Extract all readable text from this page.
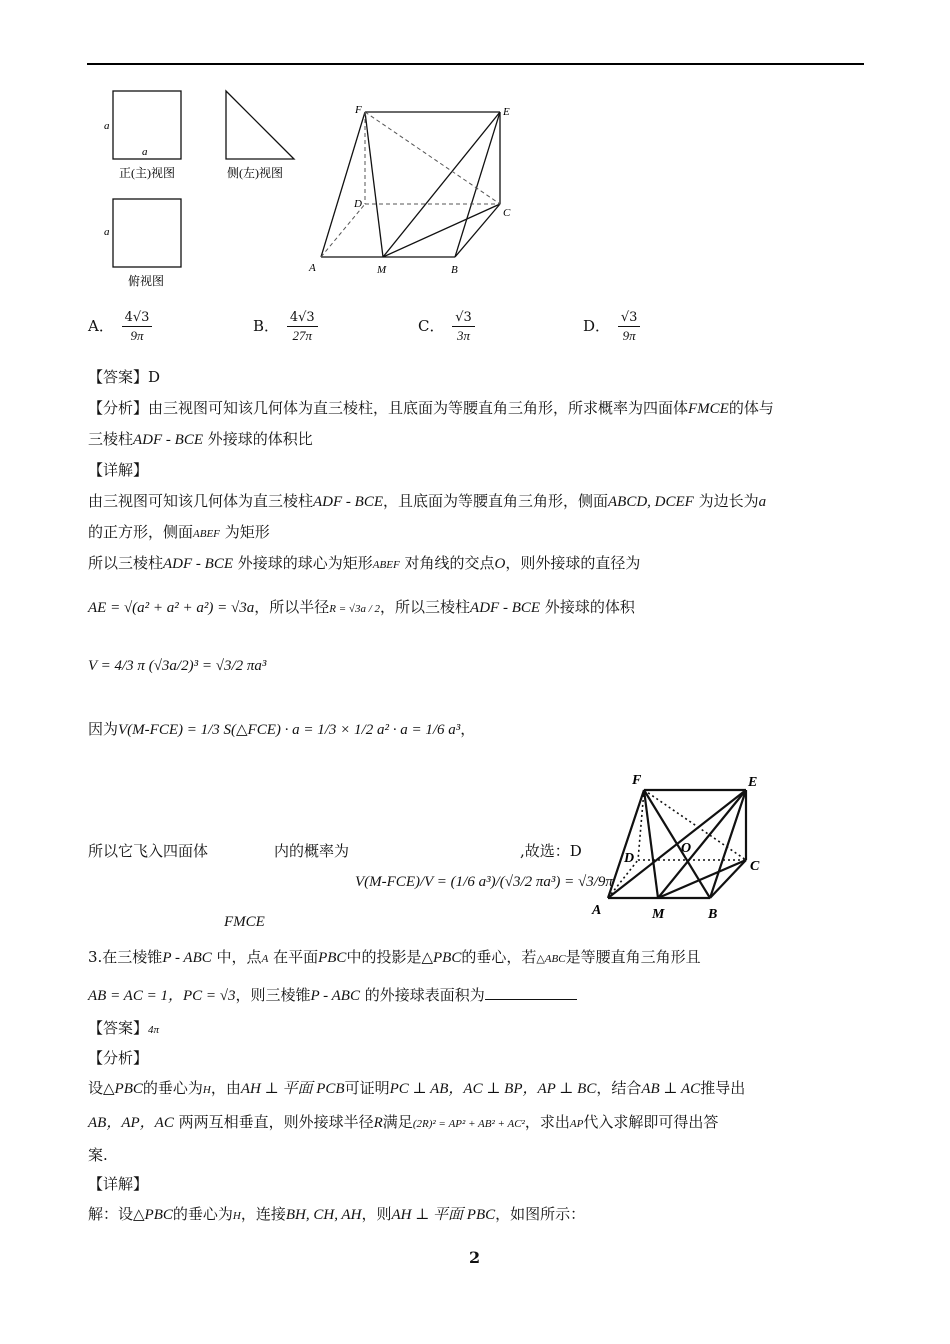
a
a
正(主)视图	侧(左)视图
a
俯视图
F	E
D
C
A	M	B
A． $\frac{4√3}{9\pi}$	B． $\frac{4√3}{27\pi}$	C． $\frac{√3}{3\pi}$	D． $\frac{√3}{9\pi}$
【答案】D
【分析】由三视图可知该几何体为直三棱柱，且底面为等腰直角三角形，所求概率为四面体FMCE的体与
三棱柱ADF - BCE 外接球的体积比
【详解】
由三视图可知该几何体为直三棱柱ADF - BCE，且底面为等腰直角三角形，侧面ABCD, DCEF 为边长为a
的正方形，侧面ABEF 为矩形
所以三棱柱ADF - BCE 外接球的球心为矩形ABEF 对角线的交点O，则外接球的直径为
AE = √(a² + a² + a²) = √3a，所以半径R = √3a / 2，所以三棱柱ADF - BCE 外接球的体积
V = 4/3 π (√3a/2)³ = √3/2 πa³
因为V(M-FCE) = 1/3 S(△FCE) · a = 1/3 × 1/2 a² · a = 1/6 a³，
所以它飞入四面体	内的概率为
V(M-FCE)/V = (1/6 a³)/(√3/2 πa³) = √3/9π
,故选：D
FMCE
F	E
D
O
C
A	M	B
3.在三棱锥P - ABC 中，点A 在平面PBC中的投影是△PBC的垂心，若△ABC是等腰直角三角形且
AB = AC = 1，PC = √3，则三棱锥P - ABC 的外接球表面积为
【答案】4π
【分析】
设△PBC的垂心为H，由AH ⊥ 平面 PCB可证明PC ⊥ AB，AC ⊥ BP，AP ⊥ BC，结合AB ⊥ AC推导出
AB，AP，AC 两两互相垂直，则外接球半径R满足(2R)² = AP² + AB² + AC²，求出AP代入求解即可得出答
案.
【详解】
解：设△PBC的垂心为H，连接BH, CH, AH，则AH ⊥ 平面 PBC，如图所示：
2
